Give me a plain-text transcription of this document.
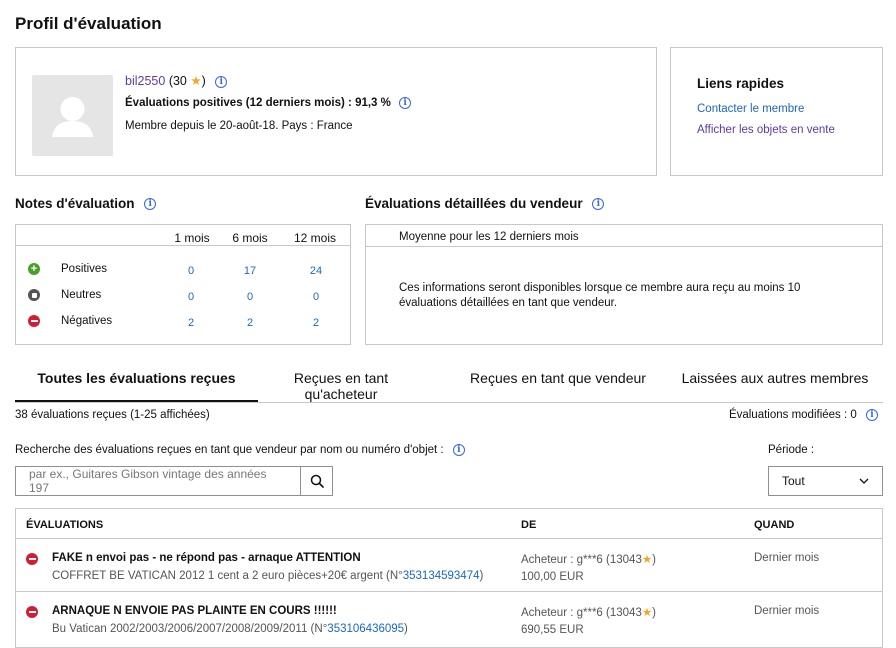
Profil d'évaluation
bil2550 (30 ★) i
Évaluations positives (12 derniers mois) : 91,3 % i
Membre depuis le 20-août-18. Pays : France
Liens rapides
Contacter le membre
Afficher les objets en vente
Notes d'évaluation i
1 mois 6 mois 12 mois
+ Positives	0	17	24
Neutres	0	0	0
Négatives	2	2	2
Évaluations détaillées du vendeur i
Moyenne pour les 12 derniers mois
Ces informations seront disponibles lorsque ce membre aura reçu au moins 10
évaluations détaillées en tant que vendeur.
Toutes les évaluations reçues	Reçues en tant qu'acheteur
Reçues en tant que vendeur	Laissées aux autres membres
38 évaluations reçues (1-25 affichées)	Évaluations modifiées : 0 i
Recherche des évaluations reçues en tant que vendeur par nom ou numéro d'objet : i
par ex., Guitares Gibson vintage des années 197
Période :
Tout
ÉVALUATIONS	DE	QUAND
FAKE n envoi pas - ne répond pas - arnaque ATTENTION
COFFRET BE VATICAN 2012 1 cent a 2 euro pièces+20€ argent (N°353134593474)
Acheteur : g***6 (13043★)
100,00 EUR
Dernier mois
ARNAQUE N ENVOIE PAS PLAINTE EN COURS !!!!!!
Bu Vatican 2002/2003/2006/2007/2008/2009/2011 (N°353106436095)
Acheteur : g***6 (13043★)
690,55 EUR
Dernier mois
